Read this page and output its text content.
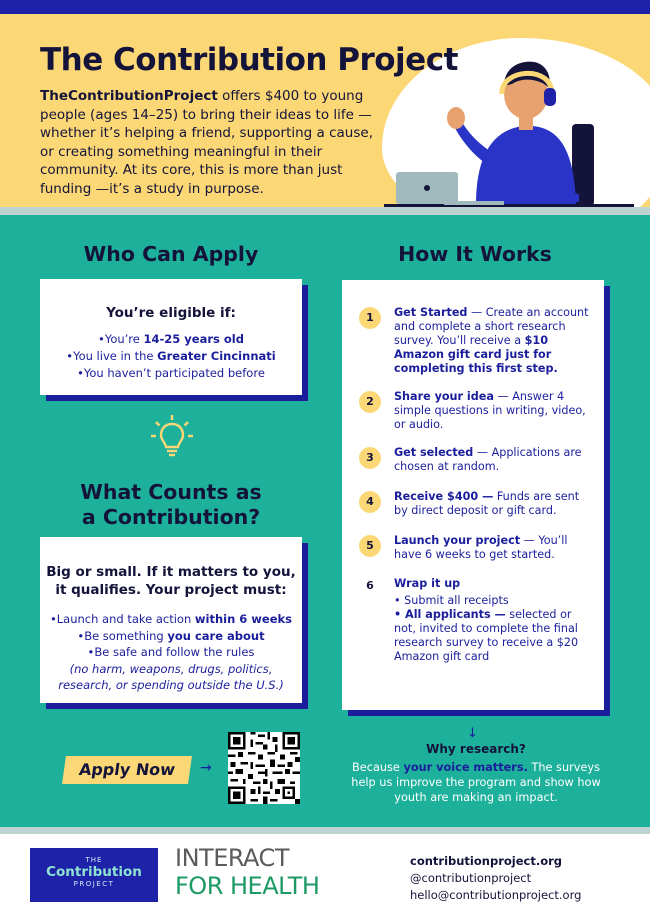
The Contribution Project

TheContributionProject offers $400 to young people (ages 14–25) to bring their ideas to life —whether it’s helping a friend, supporting a cause, or creating something meaningful in their community. At its core, this is more than just funding —it’s a study in purpose.

Who Can Apply
You’re eligible if:
•You’re 14-25 years old
•You live in the Greater Cincinnati
•You haven’t participated before
What Counts as
a Contribution?
Big or small. If it matters to you,
it qualifies. Your project must:
•Launch and take action within 6 weeks
•Be something you care about
•Be safe and follow the rules
(no harm, weapons, drugs, politics,
research, or spending outside the U.S.)
How It Works
1	Get Started — Create an account and complete a short research survey. You’ll receive a $10 Amazon gift card just for completing this first step.
2	Share your idea — Answer 4 simple questions in writing, video, or audio.
3	Get selected — Applications are chosen at random.
4	Receive $400 — Funds are sent by direct deposit or gift card.
5	Launch your project — You’ll have 6 weeks to get started.
6	Wrap it up
• Submit all receipts
• All applicants — selected or not, invited to complete the final research survey to receive a $20 Amazon gift card
Apply Now	→
↓
Why research?
Because your voice matters. The surveys help us improve the program and show how youth are making an impact.
THE
Contribution
PROJECT
INTERACT
FOR HEALTH
contributionproject.org
@contributionproject
hello@contributionproject.org
